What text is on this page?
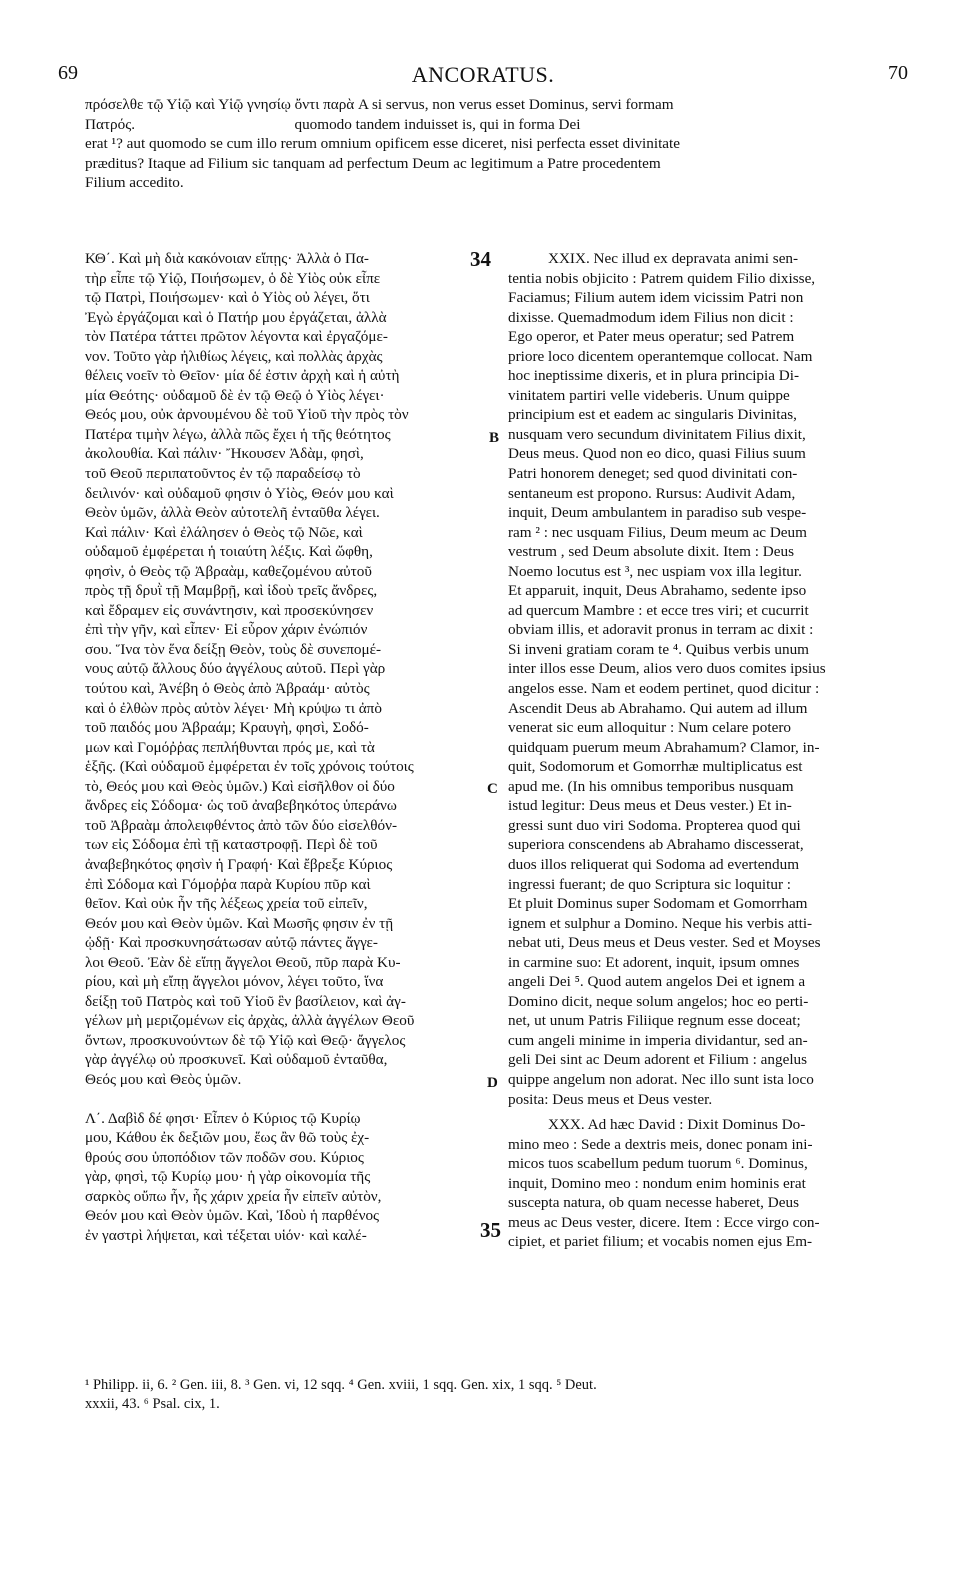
69	ANCORATUS.	70

πρόσελθε τῷ Υἱῷ καὶ Υἱῷ γνησίῳ ὄντι παρὰ A si servus, non verus esset Dominus, servi formam

Πατρός.                                          quomodo tandem induisset is, qui in forma Dei

erat ¹? aut quomodo se cum illo rerum omnium opificem esse diceret, nisi perfecta esset divinitate

præditus? Itaque ad Filium sic tanquam ad perfectum Deum ac legitimum a Patre procedentem

Filium accedito.

ΚΘ΄. Καὶ μὴ διὰ κακόνοιαν εἴπῃς· Ἀλλὰ ὁ Πα-

τὴρ εἶπε τῷ Υἱῷ, Ποιήσωμεν, ὁ δὲ Υἱὸς οὐκ εἶπε

τῷ Πατρὶ, Ποιήσωμεν· καὶ ὁ Υἱὸς οὐ λέγει, ὅτι

Ἐγὼ ἐργάζομαι καὶ ὁ Πατήρ μου ἐργάζεται, ἀλλὰ

τὸν Πατέρα τάττει πρῶτον λέγοντα καὶ ἐργαζόμε-

νον. Τοῦτο γὰρ ἠλιθίως λέγεις, καὶ πολλὰς ἀρχὰς

θέλεις νοεῖν τὸ Θεῖον· μία δέ ἐστιν ἀρχὴ καὶ ἡ αὐτὴ

μία Θεότης· οὐδαμοῦ δὲ ἐν τῷ Θεῷ ὁ Υἱὸς λέγει·

Θεός μου, οὐκ ἀρνουμένου δὲ τοῦ Υἱοῦ τὴν πρὸς τὸν

Πατέρα τιμὴν λέγω, ἀλλὰ πῶς ἔχει ἡ τῆς θεότητος

ἀκολουθία. Καὶ πάλιν· Ἤκουσεν Ἀδὰμ, φησὶ,

τοῦ Θεοῦ περιπατοῦντος ἐν τῷ παραδείσῳ τὸ

δειλινόν· καὶ οὐδαμοῦ φησιν ὁ Υἱὸς, Θεόν μου καὶ

Θεὸν ὑμῶν, ἀλλὰ Θεὸν αὐτοτελῆ ἐνταῦθα λέγει.

Καὶ πάλιν· Καὶ ἐλάλησεν ὁ Θεὸς τῷ Νῶε, καὶ

οὐδαμοῦ ἐμφέρεται ἡ τοιαύτη λέξις. Καὶ ὤφθη,

φησὶν, ὁ Θεὸς τῷ Ἀβραὰμ, καθεζομένου αὐτοῦ

πρὸς τῇ δρυῒ τῇ Μαμβρῇ, καὶ ἰδοὺ τρεῖς ἄνδρες,

καὶ ἔδραμεν εἰς συνάντησιν, καὶ προσεκύνησεν

ἐπὶ τὴν γῆν, καὶ εἶπεν· Εἰ εὗρον χάριν ἐνώπιόν

σου. Ἵνα τὸν ἕνα δείξῃ Θεὸν, τοὺς δὲ συνεπομέ-

νους αὐτῷ ἄλλους δύο ἀγγέλους αὐτοῦ. Περὶ γὰρ

τούτου καὶ, Ἀνέβη ὁ Θεὸς ἀπὸ Ἀβραάμ· αὐτὸς

καὶ ὁ ἐλθὼν πρὸς αὐτὸν λέγει· Μὴ κρύψω τι ἀπὸ

τοῦ παιδός μου Ἀβραάμ; Κραυγὴ, φησὶ, Σοδό-

μων καὶ Γομόῤῥας πεπλήθυνται πρός με, καὶ τὰ

ἑξῆς. (Καὶ οὐδαμοῦ ἐμφέρεται ἐν τοῖς χρόνοις τούτοις

τὸ, Θεός μου καὶ Θεὸς ὑμῶν.) Καὶ εἰσῆλθον οἱ δύο

ἄνδρες εἰς Σόδομα· ὡς τοῦ ἀναβεβηκότος ὑπεράνω

τοῦ Ἀβραὰμ ἀπολειφθέντος ἀπὸ τῶν δύο εἰσελθόν-

των εἰς Σόδομα ἐπὶ τῇ καταστροφῇ. Περὶ δὲ τοῦ

ἀναβεβηκότος φησὶν ἡ Γραφή· Καὶ ἔβρεξε Κύριος

ἐπὶ Σόδομα καὶ Γόμοῤῥα παρὰ Κυρίου πῦρ καὶ

θεῖον. Καὶ οὐκ ἦν τῆς λέξεως χρεία τοῦ εἰπεῖν,

Θεόν μου καὶ Θεὸν ὑμῶν. Καὶ Μωσῆς φησιν ἐν τῇ

ᾠδῇ· Καὶ προσκυνησάτωσαν αὐτῷ πάντες ἄγγε-

λοι Θεοῦ. Ἐὰν δὲ εἴπῃ ἄγγελοι Θεοῦ, πῦρ παρὰ Κυ-

ρίου, καὶ μὴ εἴπῃ ἄγγελοι μόνον, λέγει τοῦτο, ἵνα

δείξῃ τοῦ Πατρὸς καὶ τοῦ Υἱοῦ ἓν βασίλειον, καὶ ἀγ-

γέλων μὴ μεριζομένων εἰς ἀρχὰς, ἀλλὰ ἀγγέλων Θεοῦ

ὄντων, προσκυνούντων δὲ τῷ Υἱῷ καὶ Θεῷ· ἄγγελος

γὰρ ἀγγέλῳ οὐ προσκυνεῖ. Καὶ οὐδαμοῦ ἐνταῦθα,

Θεός μου καὶ Θεὸς ὑμῶν.

Λ΄. Δαβὶδ δέ φησι· Εἶπεν ὁ Κύριος τῷ Κυρίῳ

μου, Κάθου ἐκ δεξιῶν μου, ἕως ἂν θῶ τοὺς ἐχ-

θρούς σου ὑποπόδιον τῶν ποδῶν σου. Κύριος

γὰρ, φησὶ, τῷ Κυρίῳ μου· ἡ γὰρ οἰκονομία τῆς

σαρκὸς οὔπω ἦν, ἧς χάριν χρεία ἦν εἰπεῖν αὐτὸν,

Θεόν μου καὶ Θεὸν ὑμῶν. Καὶ, Ἰδοὺ ἡ παρθένος

ἐν γαστρὶ λήψεται, καὶ τέξεται υἱόν· καὶ καλέ-

XXIX. Nec illud ex depravata animi sen-

tentia nobis objicito : Patrem quidem Filio dixisse,

Faciamus; Filium autem idem vicissim Patri non

dixisse. Quemadmodum idem Filius non dicit :

Ego operor, et Pater meus operatur; sed Patrem

priore loco dicentem operantemque collocat. Nam

hoc ineptissime dixeris, et in plura principia Di-

vinitatem partiri velle videberis. Unum quippe

principium est et eadem ac singularis Divinitas,

nusquam vero secundum divinitatem Filius dixit,

Deus meus. Quod non eo dico, quasi Filius suum

Patri honorem deneget; sed quod divinitati con-

sentaneum est propono. Rursus: Audivit Adam,

inquit, Deum ambulantem in paradiso sub vespe-

ram ² : nec usquam Filius, Deum meum ac Deum

vestrum , sed Deum absolute dixit. Item : Deus

Noemo locutus est ³, nec uspiam vox illa legitur.

Et apparuit, inquit, Deus Abrahamo, sedente ipso

ad quercum Mambre : et ecce tres viri; et cucurrit

obviam illis, et adoravit pronus in terram ac dixit :

Si inveni gratiam coram te ⁴. Quibus verbis unum

inter illos esse Deum, alios vero duos comites ipsius

angelos esse. Nam et eodem pertinet, quod dicitur :

Ascendit Deus ab Abrahamo. Qui autem ad illum

venerat sic eum alloquitur : Num celare potero

quidquam puerum meum Abrahamum? Clamor, in-

quit, Sodomorum et Gomorrhæ multiplicatus est

apud me. (In his omnibus temporibus nusquam

istud legitur: Deus meus et Deus vester.) Et in-

gressi sunt duo viri Sodoma. Propterea quod qui

superiora conscendens ab Abrahamo discesserat,

duos illos reliquerat qui Sodoma ad evertendum

ingressi fuerant; de quo Scriptura sic loquitur :

Et pluit Dominus super Sodomam et Gomorrham

ignem et sulphur a Domino. Neque his verbis atti-

nebat uti, Deus meus et Deus vester. Sed et Moyses

in carmine suo: Et adorent, inquit, ipsum omnes

angeli Dei ⁵. Quod autem angelos Dei et ignem a

Domino dicit, neque solum angelos; hoc eo perti-

net, ut unum Patris Filiique regnum esse doceat;

cum angeli minime in imperia dividantur, sed an-

geli Dei sint ac Deum adorent et Filium : angelus

quippe angelum non adorat. Nec illo sunt ista loco

posita: Deus meus et Deus vester.

XXX. Ad hæc David : Dixit Dominus Do-

mino meo : Sede a dextris meis, donec ponam ini-

micos tuos scabellum pedum tuorum ⁶. Dominus,

inquit, Domino meo : nondum enim hominis erat

suscepta natura, ob quam necesse haberet, Deus

meus ac Deus vester, dicere. Item : Ecce virgo con-

cipiet, et pariet filium; et vocabis nomen ejus Em-

34
35
B
C
D

¹ Philipp. ii, 6. ² Gen. iii, 8. ³ Gen. vi, 12 sqq. ⁴ Gen. xviii, 1 sqq. Gen. xix, 1 sqq. ⁵ Deut.

xxxii, 43. ⁶ Psal. cix, 1.
